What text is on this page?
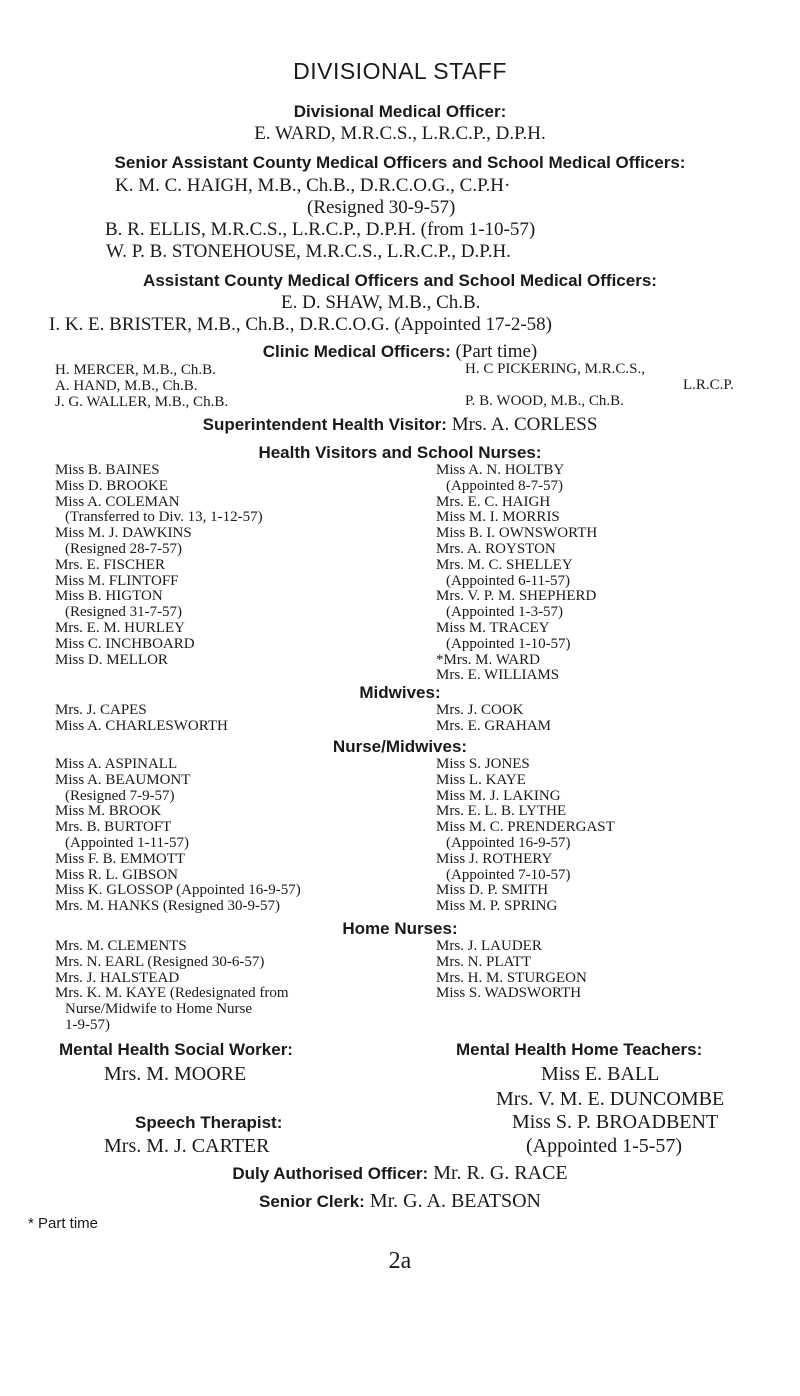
DIVISIONAL STAFF
Divisional Medical Officer:
E. WARD, M.R.C.S., L.R.C.P., D.P.H.
Senior Assistant County Medical Officers and School Medical Officers:
K. M. C. HAIGH, M.B., Ch.B., D.R.C.O.G., C.P.H·
(Resigned 30-9-57)
B. R. ELLIS, M.R.C.S., L.R.C.P., D.P.H. (from 1-10-57)
W. P. B. STONEHOUSE, M.R.C.S., L.R.C.P., D.P.H.
Assistant County Medical Officers and School Medical Officers:
E. D. SHAW, M.B., Ch.B.
I. K. E. BRISTER, M.B., Ch.B., D.R.C.O.G. (Appointed 17-2-58)
Clinic Medical Officers: (Part time)
H. MERCER, M.B., Ch.B.
A. HAND, M.B., Ch.B.
J. G. WALLER, M.B., Ch.B.
H. C PICKERING, M.R.C.S.,
L.R.C.P.
P. B. WOOD, M.B., Ch.B.
Superintendent Health Visitor: Mrs. A. CORLESS
Health Visitors and School Nurses:
Miss B. BAINES
Miss D. BROOKE
Miss A. COLEMAN
(Transferred to Div. 13, 1-12-57)
Miss M. J. DAWKINS
(Resigned 28-7-57)
Mrs. E. FISCHER
Miss M. FLINTOFF
Miss B. HIGTON
(Resigned 31-7-57)
Mrs. E. M. HURLEY
Miss C. INCHBOARD
Miss D. MELLOR
Miss A. N. HOLTBY
(Appointed 8-7-57)
Mrs. E. C. HAIGH
Miss M. I. MORRIS
Miss B. I. OWNSWORTH
Mrs. A. ROYSTON
Mrs. M. C. SHELLEY
(Appointed 6-11-57)
Mrs. V. P. M. SHEPHERD
(Appointed 1-3-57)
Miss M. TRACEY
(Appointed 1-10-57)
*Mrs. M. WARD
Mrs. E. WILLIAMS
Midwives:
Mrs. J. CAPES
Miss A. CHARLESWORTH
Mrs. J. COOK
Mrs. E. GRAHAM
Nurse/Midwives:
Miss A. ASPINALL
Miss A. BEAUMONT
(Resigned 7-9-57)
Miss M. BROOK
Mrs. B. BURTOFT
(Appointed 1-11-57)
Miss F. B. EMMOTT
Miss R. L. GIBSON
Miss K. GLOSSOP (Appointed 16-9-57)
Mrs. M. HANKS (Resigned 30-9-57)
Miss S. JONES
Miss L. KAYE
Miss M. J. LAKING
Mrs. E. L. B. LYTHE
Miss M. C. PRENDERGAST
(Appointed 16-9-57)
Miss J. ROTHERY
(Appointed 7-10-57)
Miss D. P. SMITH
Miss M. P. SPRING
Home Nurses:
Mrs. M. CLEMENTS
Mrs. N. EARL (Resigned 30-6-57)
Mrs. J. HALSTEAD
Mrs. K. M. KAYE (Redesignated from
Nurse/Midwife to Home Nurse
1-9-57)
Mrs. J. LAUDER
Mrs. N. PLATT
Mrs. H. M. STURGEON
Miss S. WADSWORTH
Mental Health Social Worker:
Mrs. M. MOORE
Speech Therapist:
Mrs. M. J. CARTER
Mental Health Home Teachers:
Miss E. BALL
Mrs. V. M. E. DUNCOMBE
Miss S. P. BROADBENT
(Appointed 1-5-57)
Duly Authorised Officer: Mr. R. G. RACE
Senior Clerk: Mr. G. A. BEATSON
* Part time
2a
